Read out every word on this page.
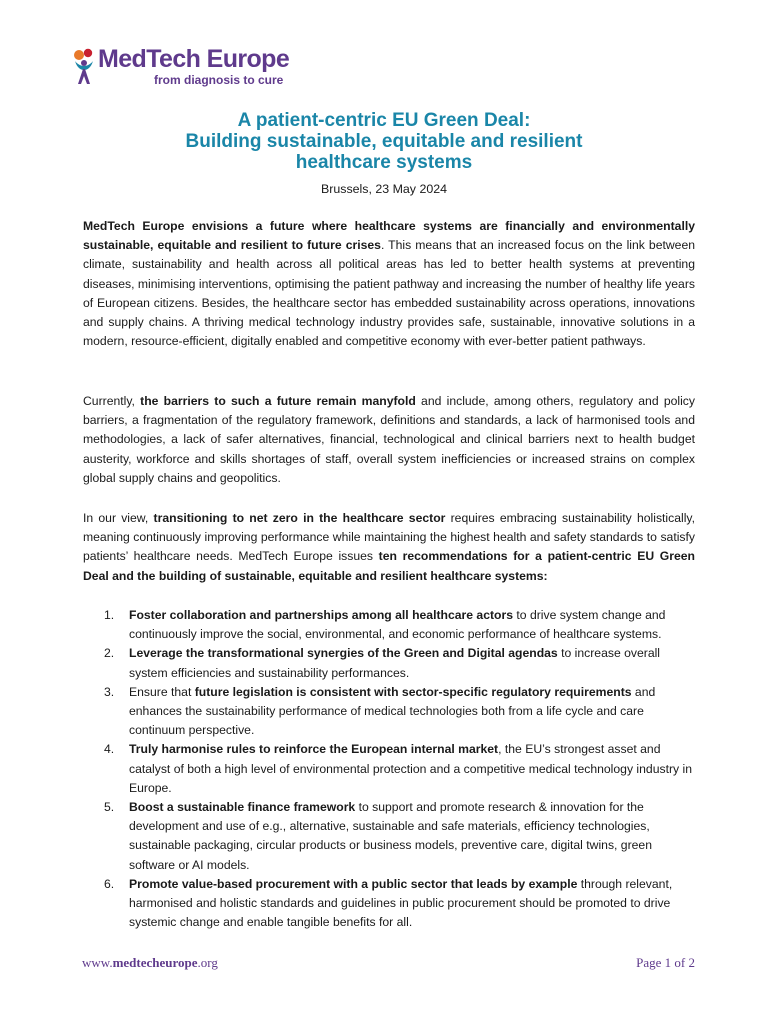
MedTech Europe
from diagnosis to cure
A patient-centric EU Green Deal:
Building sustainable, equitable and resilient
healthcare systems
Brussels, 23 May 2024
MedTech Europe envisions a future where healthcare systems are financially and environmentally sustainable, equitable and resilient to future crises. This means that an increased focus on the link between climate, sustainability and health across all political areas has led to better health systems at preventing diseases, minimising interventions, optimising the patient pathway and increasing the number of healthy life years of European citizens. Besides, the healthcare sector has embedded sustainability across operations, innovations and supply chains. A thriving medical technology industry provides safe, sustainable, innovative solutions in a modern, resource-efficient, digitally enabled and competitive economy with ever-better patient pathways.
Currently, the barriers to such a future remain manyfold and include, among others, regulatory and policy barriers, a fragmentation of the regulatory framework, definitions and standards, a lack of harmonised tools and methodologies, a lack of safer alternatives, financial, technological and clinical barriers next to health budget austerity, workforce and skills shortages of staff, overall system inefficiencies or increased strains on complex global supply chains and geopolitics.
In our view, transitioning to net zero in the healthcare sector requires embracing sustainability holistically, meaning continuously improving performance while maintaining the highest health and safety standards to satisfy patients’ healthcare needs. MedTech Europe issues ten recommendations for a patient-centric EU Green Deal and the building of sustainable, equitable and resilient healthcare systems:
1.	Foster collaboration and partnerships among all healthcare actors to drive system change and continuously improve the social, environmental, and economic performance of healthcare systems.
2.	Leverage the transformational synergies of the Green and Digital agendas to increase overall system efficiencies and sustainability performances.
3.	Ensure that future legislation is consistent with sector-specific regulatory requirements and enhances the sustainability performance of medical technologies both from a life cycle and care continuum perspective.
4.	Truly harmonise rules to reinforce the European internal market, the EU’s strongest asset and catalyst of both a high level of environmental protection and a competitive medical technology industry in Europe.
5.	Boost a sustainable finance framework to support and promote research & innovation for the development and use of e.g., alternative, sustainable and safe materials, efficiency technologies, sustainable packaging, circular products or business models, preventive care, digital twins, green software or AI models.
6.	Promote value-based procurement with a public sector that leads by example through relevant, harmonised and holistic standards and guidelines in public procurement should be promoted to drive systemic change and enable tangible benefits for all.
www.medtecheurope.org	Page 1 of 2
